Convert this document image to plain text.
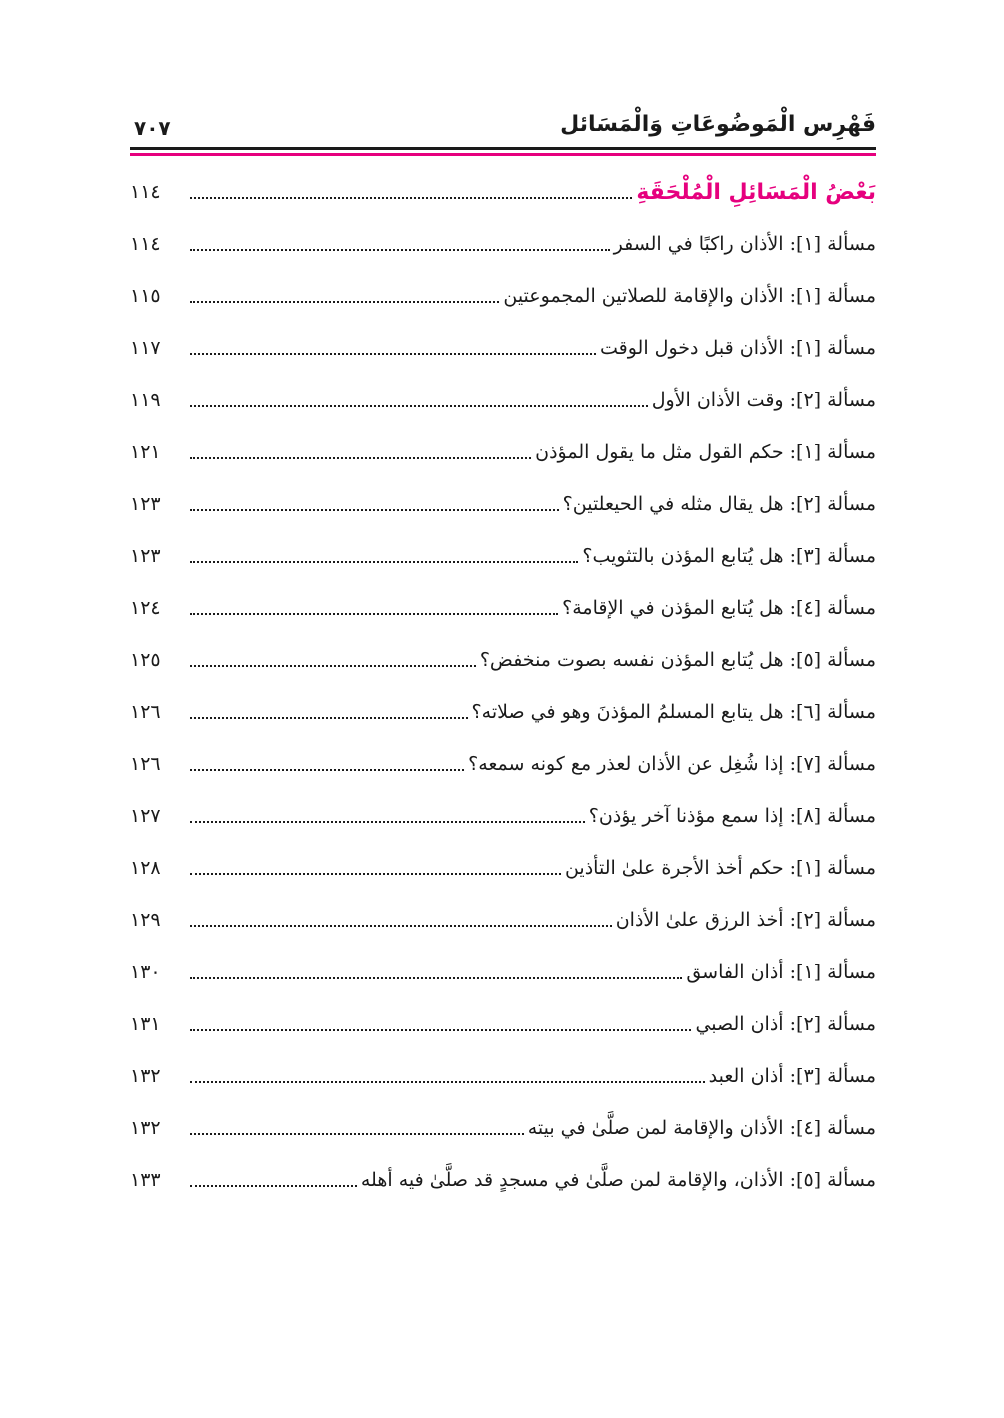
فَهْرِس الْمَوضُوعَاتِ وَالْمَسَائل
٧٠٧
بَعْضُ الْمَسَائِلِ الْمُلْحَقَةِ
١١٤
مسألة [١]: الأذان راكبًا في السفر
١١٤
مسألة [١]: الأذان والإقامة للصلاتين المجموعتين
١١٥
مسألة [١]: الأذان قبل دخول الوقت
١١٧
مسألة [٢]: وقت الأذان الأول
١١٩
مسألة [١]: حكم القول مثل ما يقول المؤذن
١٢١
مسألة [٢]: هل يقال مثله في الحيعلتين؟
١٢٣
مسألة [٣]: هل يُتابع المؤذن بالتثويب؟
١٢٣
مسألة [٤]: هل يُتابع المؤذن في الإقامة؟
١٢٤
مسألة [٥]: هل يُتابع المؤذن نفسه بصوت منخفض؟
١٢٥
مسألة [٦]: هل يتابع المسلمُ المؤذنَ وهو في صلاته؟
١٢٦
مسألة [٧]: إذا شُغِل عن الأذان لعذر مع كونه سمعه؟
١٢٦
مسألة [٨]: إذا سمع مؤذنا آخر يؤذن؟
١٢٧
مسألة [١]: حكم أخذ الأجرة علىٰ التأذين
١٢٨
مسألة [٢]: أخذ الرزق علىٰ الأذان
١٢٩
مسألة [١]: أذان الفاسق
١٣٠
مسألة [٢]: أذان الصبي
١٣١
مسألة [٣]: أذان العبد
١٣٢
مسألة [٤]: الأذان والإقامة لمن صلَّىٰ في بيته
١٣٢
مسألة [٥]: الأذان، والإقامة لمن صلَّىٰ في مسجدٍ قد صلَّىٰ فيه أهله
١٣٣
